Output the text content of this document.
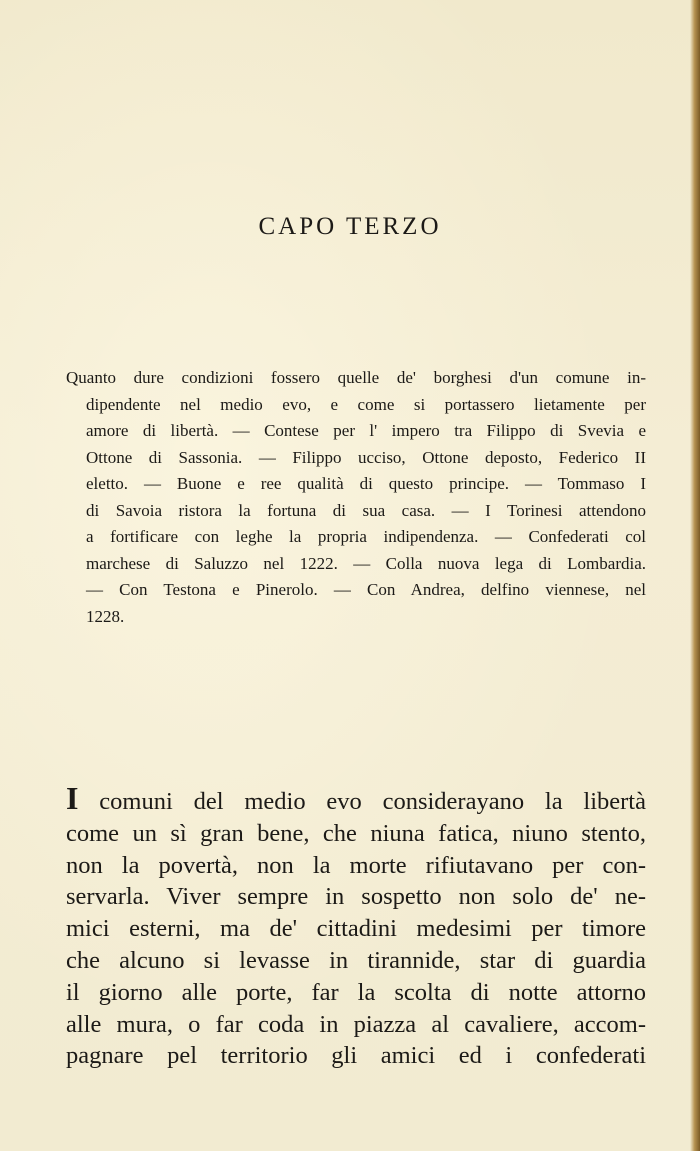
CAPO TERZO
Quanto dure condizioni fossero quelle de' borghesi d'un comune in-
dipendente nel medio evo, e come si portassero lietamente per
amore di libertà. — Contese per l' impero tra Filippo di Svevia e
Ottone di Sassonia. — Filippo ucciso, Ottone deposto, Federico II
eletto. — Buone e ree qualità di questo principe. — Tommaso I
di Savoia ristora la fortuna di sua casa. — I Torinesi attendono
a fortificare con leghe la propria indipendenza. — Confederati col
marchese di Saluzzo nel 1222. — Colla nuova lega di Lombardia.
— Con Testona e Pinerolo. — Con Andrea, delfino viennese, nel
1228.
I comuni del medio evo considerayano la libertà
come un sì gran bene, che niuna fatica, niuno stento,
non la povertà, non la morte rifiutavano per con-
servarla. Viver sempre in sospetto non solo de' ne-
mici esterni, ma de' cittadini medesimi per timore
che alcuno si levasse in tirannide, star di guardia
il giorno alle porte, far la scolta di notte attorno
alle mura, o far coda in piazza al cavaliere, accom-
pagnare pel territorio gli amici ed i confederati
